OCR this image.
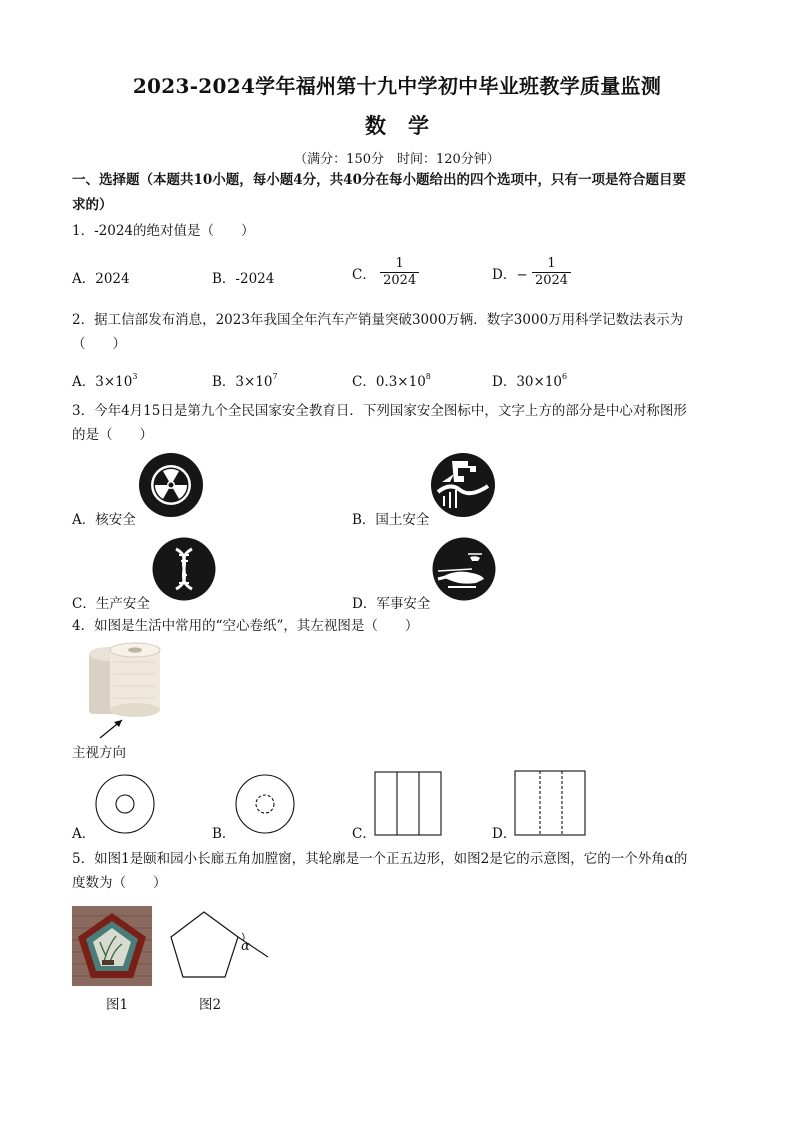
2023-2024学年福州第十九中学初中毕业班教学质量监测
数学
（满分：150分　时间：120分钟）
一、选择题（本题共10小题，每小题4分，共40分在每小题给出的四个选项中，只有一项是符合题目要
求的）
1．-2024的绝对值是（　　）
A．2024	B．-2024	C． $\frac{1}{2024}$	D．− $\frac{1}{2024}$
2．据工信部发布消息，2023年我国全年汽车产销量突破3000万辆．数字3000万用科学记数法表示为
（　　）
A．$3\times 10^3$	B．$3\times 10^7$	C．$0.3\times 10^8$	D．$30\times 10^6$
3．今年4月15日是第九个全民国家安全教育日．下列国家安全图标中，文字上方的部分是中心对称图形
的是（　　）
A．核安全	B．国土安全
C．生产安全	D．军事安全
4．如图是生活中常用的“空心卷纸”，其左视图是（　　）
主视方向
A．	B．	C．	D．
5．如图1是颐和园小长廊五角加膛窗，其轮廓是一个正五边形，如图2是它的示意图，它的一个外角α的
度数为（　　）
图1
α
图2
